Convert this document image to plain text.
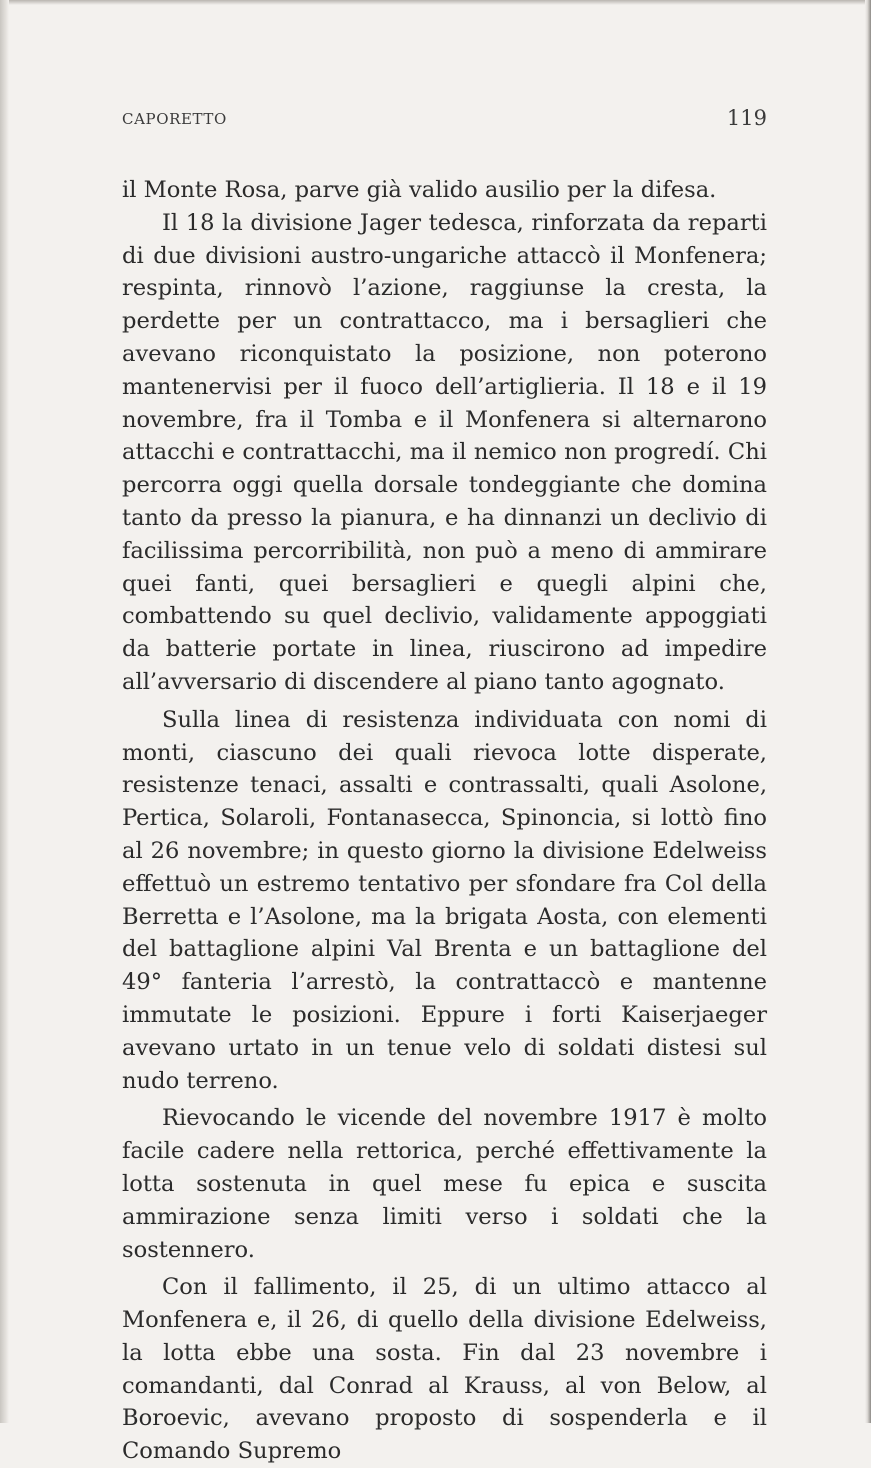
CAPORETTO	119

il Monte Rosa, parve già valido ausilio per la difesa.

Il 18 la divisione Jager tedesca, rinforzata da reparti di due divisioni austro-ungariche attaccò il Monfenera; respinta, rinnovò l’azione, raggiunse la cresta, la perdette per un contrattacco, ma i bersaglieri che avevano riconquistato la posizione, non poterono mantenervisi per il fuoco dell’artiglieria. Il 18 e il 19 novembre, fra il Tomba e il Monfenera si alternarono attacchi e contrattacchi, ma il nemico non progredí. Chi percorra oggi quella dorsale tondeggiante che domina tanto da presso la pianura, e ha dinnanzi un declivio di facilissima percorribilità, non può a meno di ammirare quei fanti, quei bersaglieri e quegli alpini che, combattendo su quel declivio, validamente appoggiati da batterie portate in linea, riuscirono ad impedire all’avversario di discendere al piano tanto agognato.

Sulla linea di resistenza individuata con nomi di monti, ciascuno dei quali rievoca lotte disperate, resistenze tenaci, assalti e contrassalti, quali Asolone, Pertica, Solaroli, Fontanasecca, Spinoncia, si lottò fino al 26 novembre; in questo giorno la divisione Edelweiss effettuò un estremo tentativo per sfondare fra Col della Berretta e l’Asolone, ma la brigata Aosta, con elementi del battaglione alpini Val Brenta e un battaglione del 49° fanteria l’arrestò, la contrattaccò e mantenne immutate le posizioni. Eppure i forti Kaiserjaeger avevano urtato in un tenue velo di soldati distesi sul nudo terreno.

Rievocando le vicende del novembre 1917 è molto facile cadere nella rettorica, perché effettivamente la lotta sostenuta in quel mese fu epica e suscita ammirazione senza limiti verso i soldati che la sostennero.

Con il fallimento, il 25, di un ultimo attacco al Monfenera e, il 26, di quello della divisione Edelweiss, la lotta ebbe una sosta. Fin dal 23 novembre i comandanti, dal Conrad al Krauss, al von Below, al Boroevic, avevano proposto di sospenderla e il Comando Supremo
